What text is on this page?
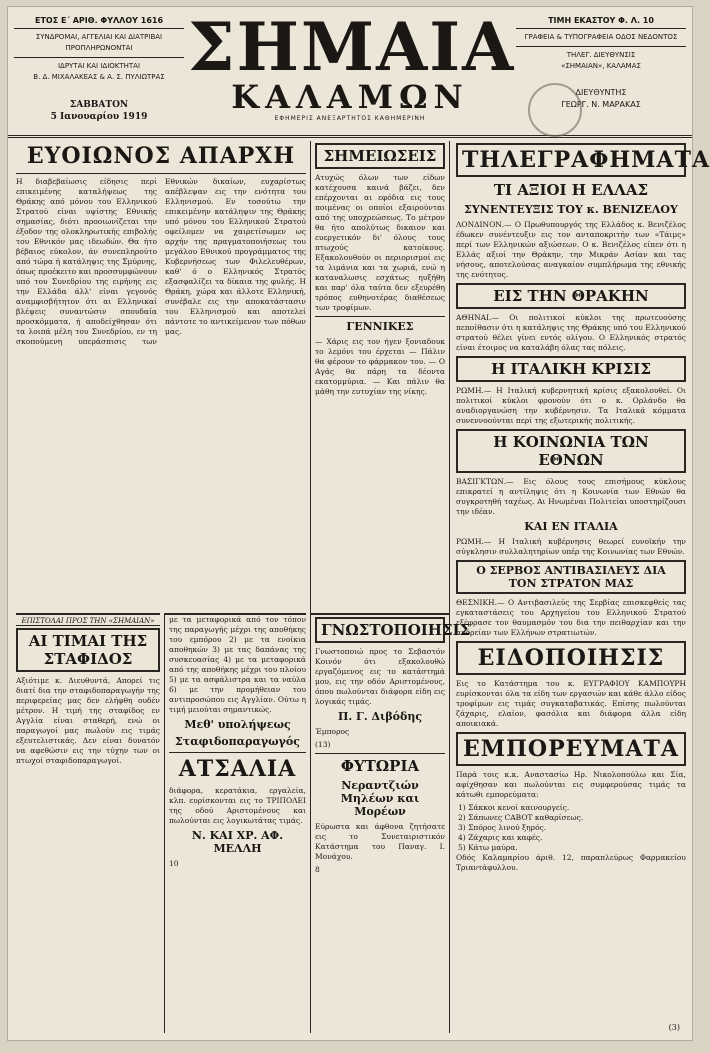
ΕΤΟΣ Ε΄ ΑΡΙΘ. ΦΥΛΛΟΥ 1616
ΣΥΝΔΡΟΜΑΙ, ΑΓΓΕΛΙΑΙ ΚΑΙ ΔΙΑΤΡΙΒΑΙ ΠΡΟΠΛΗΡΩΝΟΝΤΑΙ
ΙΔΡΥΤΑΙ ΚΑΙ ΙΔΙΟΚΤΗΤΑΙ
Β. Δ. ΜΙΧΑΛΑΚΕΑΣ & Α. Σ. ΠΥΛΙΩΤΡΑΣ
ΣΑΒΒΑΤΟΝ
5 Ιανουαρίου 1919
ΣΗΜΑΙΑ
ΚΑΛΑΜΩΝ
ΕΦΗΜΕΡΙΣ ΑΝΕΞΑΡΤΗΤΟΣ ΚΑΘΗΜΕΡΙΝΗ
ΤΙΜΗ ΕΚΑΣΤΟΥ Φ. Λ. 10
ΓΡΑΦΕΙΑ & ΤΥΠΟΓΡΑΦΕΙΑ ΟΔΟΣ ΝΕΔΟΝΤΟΣ
ΤΗΛΕΓ. ΔΙΕΥΘΥΝΣΙΣ
«ΣΗΜΑΙΑΝ», ΚΑΛΑΜΑΣ
ΔΙΕΥΘΥΝΤΗΣ
ΓΕΩΡΓ. Ν. ΜΑΡΑΚΑΣ
ΕΥΟΙΩΝΟΣ ΑΠΑΡΧΗ

Η διαβεβαίωσις είδησις περί επικειμένης καταλήψεως της Θράκης από μόνου του Ελληνικού Στρατού είναι υψίστης Εθνικής σημασίας, διότι προοιωνίζεται την έξοδον της ολοκληρωτικής επιβολής του Εθνικόν μας ιδεωδών. Θα ήτο βέβαιος εύκολον, άν συνεπληρούτο από τώρα ή κατάληψις της Σμύρνης, όπως προέκειτο και προσσυμφώνουν υπό του Συνεδρίου της ειρήνης εις την Ελλάδα άλλ' είναι γεγονός αναμφισβήτητον ότι αι Ελληνικαί βλέψεις συναντώσιν σπουδαία προσκόμματα, ή αποδείχθησαν ότι τα λοιπά μέλη του Συνεδρίου, εν τη σκοπούμενη υπεράσπισις των Εθνικών δικαίων, ευχαρίστως απέβλεψαν εις την ενότητα του Ελληνισμού. Εν τοσούτω την επικειμένην κατάληψιν της Θράκης υπό μόνου του Ελληνικού Στρατού οφείλομεν να χαιρετίσωμεν ως αρχήν της πραγματοποιήσεως του μεγάλου Εθνικού προγράμματος της Κυβερνήσεως των Φιλελευθέρων, καθ' ό ο Ελληνικός Στρατός εξασφαλίζει τα δίκαια της φυλής. Η Θράκη, χώρα και άλλοτε Ελληνική, συνέβαλε εις την αποκατάστασιν του Ελληνισμού και αποτελεί πάντοτε το αντικείμενον των πόθων μας.

ΣΗΜΕΙΩΣΕΙΣ

Ατυχώς όλων των είδων κατέχουσα καινά βάζει, δεν επέρχονται αι εφόδια εις τους ποιμένας οι οποίοι εξαιρούνται από της υποχρεώσεως. Το μέτρον θα ήτο απολύτως δικαιον και ευεργετικόν δι' όλους τους πτωχούς κατοίκους. Εξακολουθούν οι περιορισμοί εις τα λιμάνια και τα χωριά, ενώ η καταναλωσις εσχάτως ηυξήθη και παρ' όλα ταύτα δεν εξευρέθη τρόπος ευθηνοτέρας διαθέσεως των τροφίμων.

ΓΕΝΝΙΚΕΣ

— Χάρις εις τον ήγεν ξονιαδουκ το λεμόνι του έρχεται — Πάλιν θα φέρουν το φάρμακον του. — Ο Αγάς θα πάρη τα δέοντα εκατομμύρια. — Και πάλιν θα μάθη την ευτυχίαν της νίκης.

ΤΗΛΕΓΡΑΦΗΜΑΤΑ
ΤΙ ΑΞΙΟΙ Η ΕΛΛΑΣ
ΣΥΝΕΝΤΕΥΞΙΣ ΤΟΥ κ. ΒΕΝΙΖΕΛΟΥ

ΛΟΝΔΙΝΟΝ.— Ο Πρωθυπουργός της Ελλάδος κ. Βενιζέλος έδωκεν συνέντευξιν εις τον ανταποκριτήν των «Τάιμς» περί των Ελληνικών αξιώσεων. Ο κ. Βενιζέλος είπεν ότι η Ελλάς αξιοί την Θράκην, την Μικράν Ασίαν και τας νήσους, αποτελούσας αναγκαίον συμπλήρωμα της εθνικής της ενότητος.

ΕΙΣ ΤΗΝ ΘΡΑΚΗΝ

ΑΘΗΝΑΙ.— Οι πολιτικοί κύκλοι της πρωτευούσης πεποίθασιν ότι η κατάληψις της Θράκης υπό του Ελληνικού στρατού θέλει γίνει εντός ολίγου. Ο Ελληνικός στρατός είναι έτοιμος να καταλάβη όλας τας πόλεις.

Η ΙΤΑΛΙΚΗ ΚΡΙΣΙΣ

ΡΩΜΗ.— Η Ιταλική κυβερνητική κρίσις εξακολουθεί. Οι πολιτικοί κύκλοι φρονούν ότι ο κ. Ορλάνδο θα αναδιοργανώση την κυβέρνησιν. Τα Ιταλικά κόμματα συνεννοούνται περί της εξωτερικής πολιτικής.

Η ΚΟΙΝΩΝΙΑ ΤΩΝ ΕΘΝΩΝ

ΒΑΣΙΓΚΤΩΝ.— Εις όλους τους επισήμους κύκλους επικρατεί η αντίληψις ότι η Κοινωνία των Εθνών θα συγκροτηθή ταχέως. Αι Ηνωμέναι Πολιτείαι υποστηρίζουσι την ιδέαν.

ΚΑΙ ΕΝ ΙΤΑΛΙΑ

ΡΩΜΗ.— Η Ιταλική κυβέρνησις θεωρεί ευνοϊκήν την σύγκλησιν συλλαλητηρίων υπέρ της Κοινωνίας των Εθνών.

Ο ΣΕΡΒΟΣ ΑΝΤΙΒΑΣΙΛΕΥΣ ΔΙΑ ΤΟΝ ΣΤΡΑΤΟΝ ΜΑΣ

ΘΕΣΝΙΚΗ.— Ο Αντιβασιλεύς της Σερβίας επισκεφθείς τας εγκαταστάσεις του Αρχηγείου του Ελληνικού Στρατού εξέφρασε τον θαυμασμόν του δια την πειθαρχίαν και την ανδρείαν των Ελλήνων στρατιωτών.

ΕΙΔΟΠΟΙΗΣΙΣ

Εις το Κατάστημα του κ. ΕΥΓΡΑΦΙΟΥ ΚΑΜΠΟΥΡΗ ευρίσκονται όλα τα είδη των εργασιών και κάθε άλλο είδος τροφίμων εις τιμάς συγκαταβατικάς. Επίσης πωλούνται ζάχαρις, ελαίον, φασόλια και διάφορα άλλα είδη αποικιακά.

ΕΜΠΟΡΕΥΜΑΤΑ

Παρά τοις κ.κ. Αναστασίω Ηρ. Νικολοπούλω και Σία, αφίχθησαν και πωλούνται εις συμφερούσας τιμάς τα κάτωθι εμπορεύματα:

1) Σάκκοι κενοί καινουργείς.
2) Σάπωνες CABOT καθαρίσεως.
3) Σπόρος λινού ξηρός.
4) Ζάχαρις και καφές.
5) Κάτω μαύρα.

Οδός Καλαμαρίου άριθ. 12, παραπλεύρως Φαρμακείου Τριαντάφυλλου.

ΕΠΙΣΤΟΛΑΙ ΠΡΟΣ ΤΗΝ «ΣΗΜΑΙΑΝ»
ΑΙ ΤΙΜΑΙ ΤΗΣ ΣΤΑΦΙΔΟΣ

Αξιότιμε κ. Διευθυντά, Απορεί τις διατί δια την σταφιδοπαραγωγήν της περιφερείας μας δεν ελήφθη ουδέν μέτρον. Η τιμή της σταφίδος εν Αγγλία είναι σταθερή, ενώ οι παραγωγοί μας πωλούν εις τιμάς εξευτελιστικάς. Δεν είναι δυνατόν να αφεθώσιν εις την τύχην των οι πτωχοί σταφιδοπαραγωγοί.

με τα μεταφορικά από τον τόπον της παραγωγής μέχρι της αποθήκης του εμπόρου 2) με τα ενοίκια αποθηκών 3) με τας δαπάνας της συσκευασίας 4) με τα μεταφορικά από της αποθήκης μέχρι του πλοίου 5) με τα ασφάλιστρα και τα ναύλα 6) με την προμήθειαν του αντιπροσώπου εις Αγγλίαν. Ούτω η τιμή μειούται σημαντικώς.

Μεθ' υπολήψεως
Σταφιδοπαραγωγός
ΑΤΣΑΛΙΑ

διάφορα, κερατάκια, εργαλεία, κλπ. ευρίσκονται εις το ΤΡΙΠΟΛΕΙ της οδού Αριστομένους και πωλούνται εις λογικωτάτας τιμάς.

Ν. ΚΑΙ ΧΡ. ΑΦ. ΜΕΛΛΗ
10
ΓΝΩΣΤΟΠΟΙΗΣΙΣ

Γνωστοποιώ προς το Σεβαστόν Κοινόν ότι εξακολουθώ εργαζόμενος εις το κατάστημά μου, εις την οδόν Αριστομένους, όπου πωλούνται διάφορα είδη εις λογικάς τιμάς.

Π. Γ. Διβόδης
Έμπορος
(13)
ΦΥΤΩΡΙΑ
Νεραντζιών Μηλέων και Μορέων

Εύρωστα και άφθονα ζητήσατε εις το Συνεταιριστικόν Κατάστημα του Παναγ. Ι. Μονάχου.

8
(3)
